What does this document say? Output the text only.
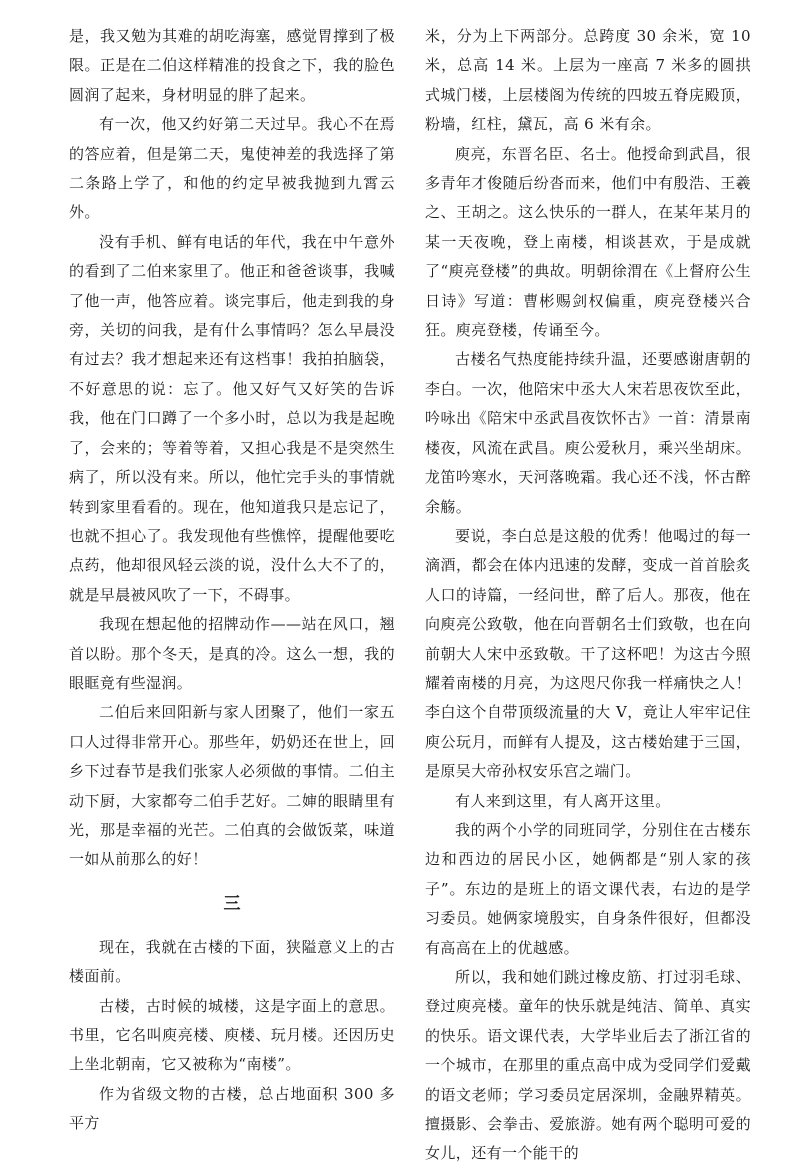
是，我又勉为其难的胡吃海塞，感觉胃撑到了极限。正是在二伯这样精准的投食之下，我的脸色圆润了起来，身材明显的胖了起来。

有一次，他又约好第二天过早。我心不在焉的答应着，但是第二天，鬼使神差的我选择了第二条路上学了，和他的约定早被我抛到九霄云外。

没有手机、鲜有电话的年代，我在中午意外的看到了二伯来家里了。他正和爸爸谈事，我喊了他一声，他答应着。谈完事后，他走到我的身旁，关切的问我，是有什么事情吗？怎么早晨没有过去？我才想起来还有这档事！我拍拍脑袋，不好意思的说：忘了。他又好气又好笑的告诉我，他在门口蹲了一个多小时，总以为我是起晚了，会来的；等着等着，又担心我是不是突然生病了，所以没有来。所以，他忙完手头的事情就转到家里看看的。现在，他知道我只是忘记了，也就不担心了。我发现他有些憔悴，提醒他要吃点药，他却很风轻云淡的说，没什么大不了的，就是早晨被风吹了一下，不碍事。

我现在想起他的招牌动作——站在风口，翘首以盼。那个冬天，是真的冷。这么一想，我的眼眶竟有些湿润。

二伯后来回阳新与家人团聚了，他们一家五口人过得非常开心。那些年，奶奶还在世上，回乡下过春节是我们张家人必须做的事情。二伯主动下厨，大家都夸二伯手艺好。二婶的眼睛里有光，那是幸福的光芒。二伯真的会做饭菜，味道一如从前那么的好！

三

现在，我就在古楼的下面，狭隘意义上的古楼面前。

古楼，古时候的城楼，这是字面上的意思。书里，它名叫庾亮楼、庾楼、玩月楼。还因历史上坐北朝南，它又被称为“南楼”。

作为省级文物的古楼，总占地面积 300 多平方

米，分为上下两部分。总跨度 30 余米，宽 10 米，总高 14 米。上层为一座高 7 米多的圆拱式城门楼，上层楼阁为传统的四坡五脊庑殿顶，粉墙，红柱，黛瓦，高 6 米有余。

庾亮，东晋名臣、名士。他授命到武昌，很多青年才俊随后纷沓而来，他们中有殷浩、王羲之、王胡之。这么快乐的一群人，在某年某月的某一天夜晚，登上南楼，相谈甚欢，于是成就了“庾亮登楼”的典故。明朝徐渭在《上督府公生日诗》写道：曹彬赐剑权偏重，庾亮登楼兴合狂。庾亮登楼，传诵至今。

古楼名气热度能持续升温，还要感谢唐朝的李白。一次，他陪宋中丞大人宋若思夜饮至此，吟咏出《陪宋中丞武昌夜饮怀古》一首：清景南楼夜，风流在武昌。庾公爱秋月，乘兴坐胡床。龙笛吟寒水，天河落晚霜。我心还不浅，怀古醉余觞。

要说，李白总是这般的优秀！他喝过的每一滴酒，都会在体内迅速的发酵，变成一首首脍炙人口的诗篇，一经问世，醉了后人。那夜，他在向庾亮公致敬，他在向晋朝名士们致敬，也在向前朝大人宋中丞致敬。干了这杯吧！为这古今照耀着南楼的月亮，为这咫尺你我一样痛快之人！李白这个自带顶级流量的大 V，竟让人牢牢记住庾公玩月，而鲜有人提及，这古楼始建于三国，是原吴大帝孙权安乐宫之端门。

有人来到这里，有人离开这里。

我的两个小学的同班同学，分别住在古楼东边和西边的居民小区，她俩都是“别人家的孩子”。东边的是班上的语文课代表，右边的是学习委员。她俩家境殷实，自身条件很好，但都没有高高在上的优越感。

所以，我和她们跳过橡皮筋、打过羽毛球、登过庾亮楼。童年的快乐就是纯洁、简单、真实的快乐。语文课代表，大学毕业后去了浙江省的一个城市，在那里的重点高中成为受同学们爱戴的语文老师；学习委员定居深圳，金融界精英。擅摄影、会拳击、爱旅游。她有两个聪明可爱的女儿，还有一个能干的
